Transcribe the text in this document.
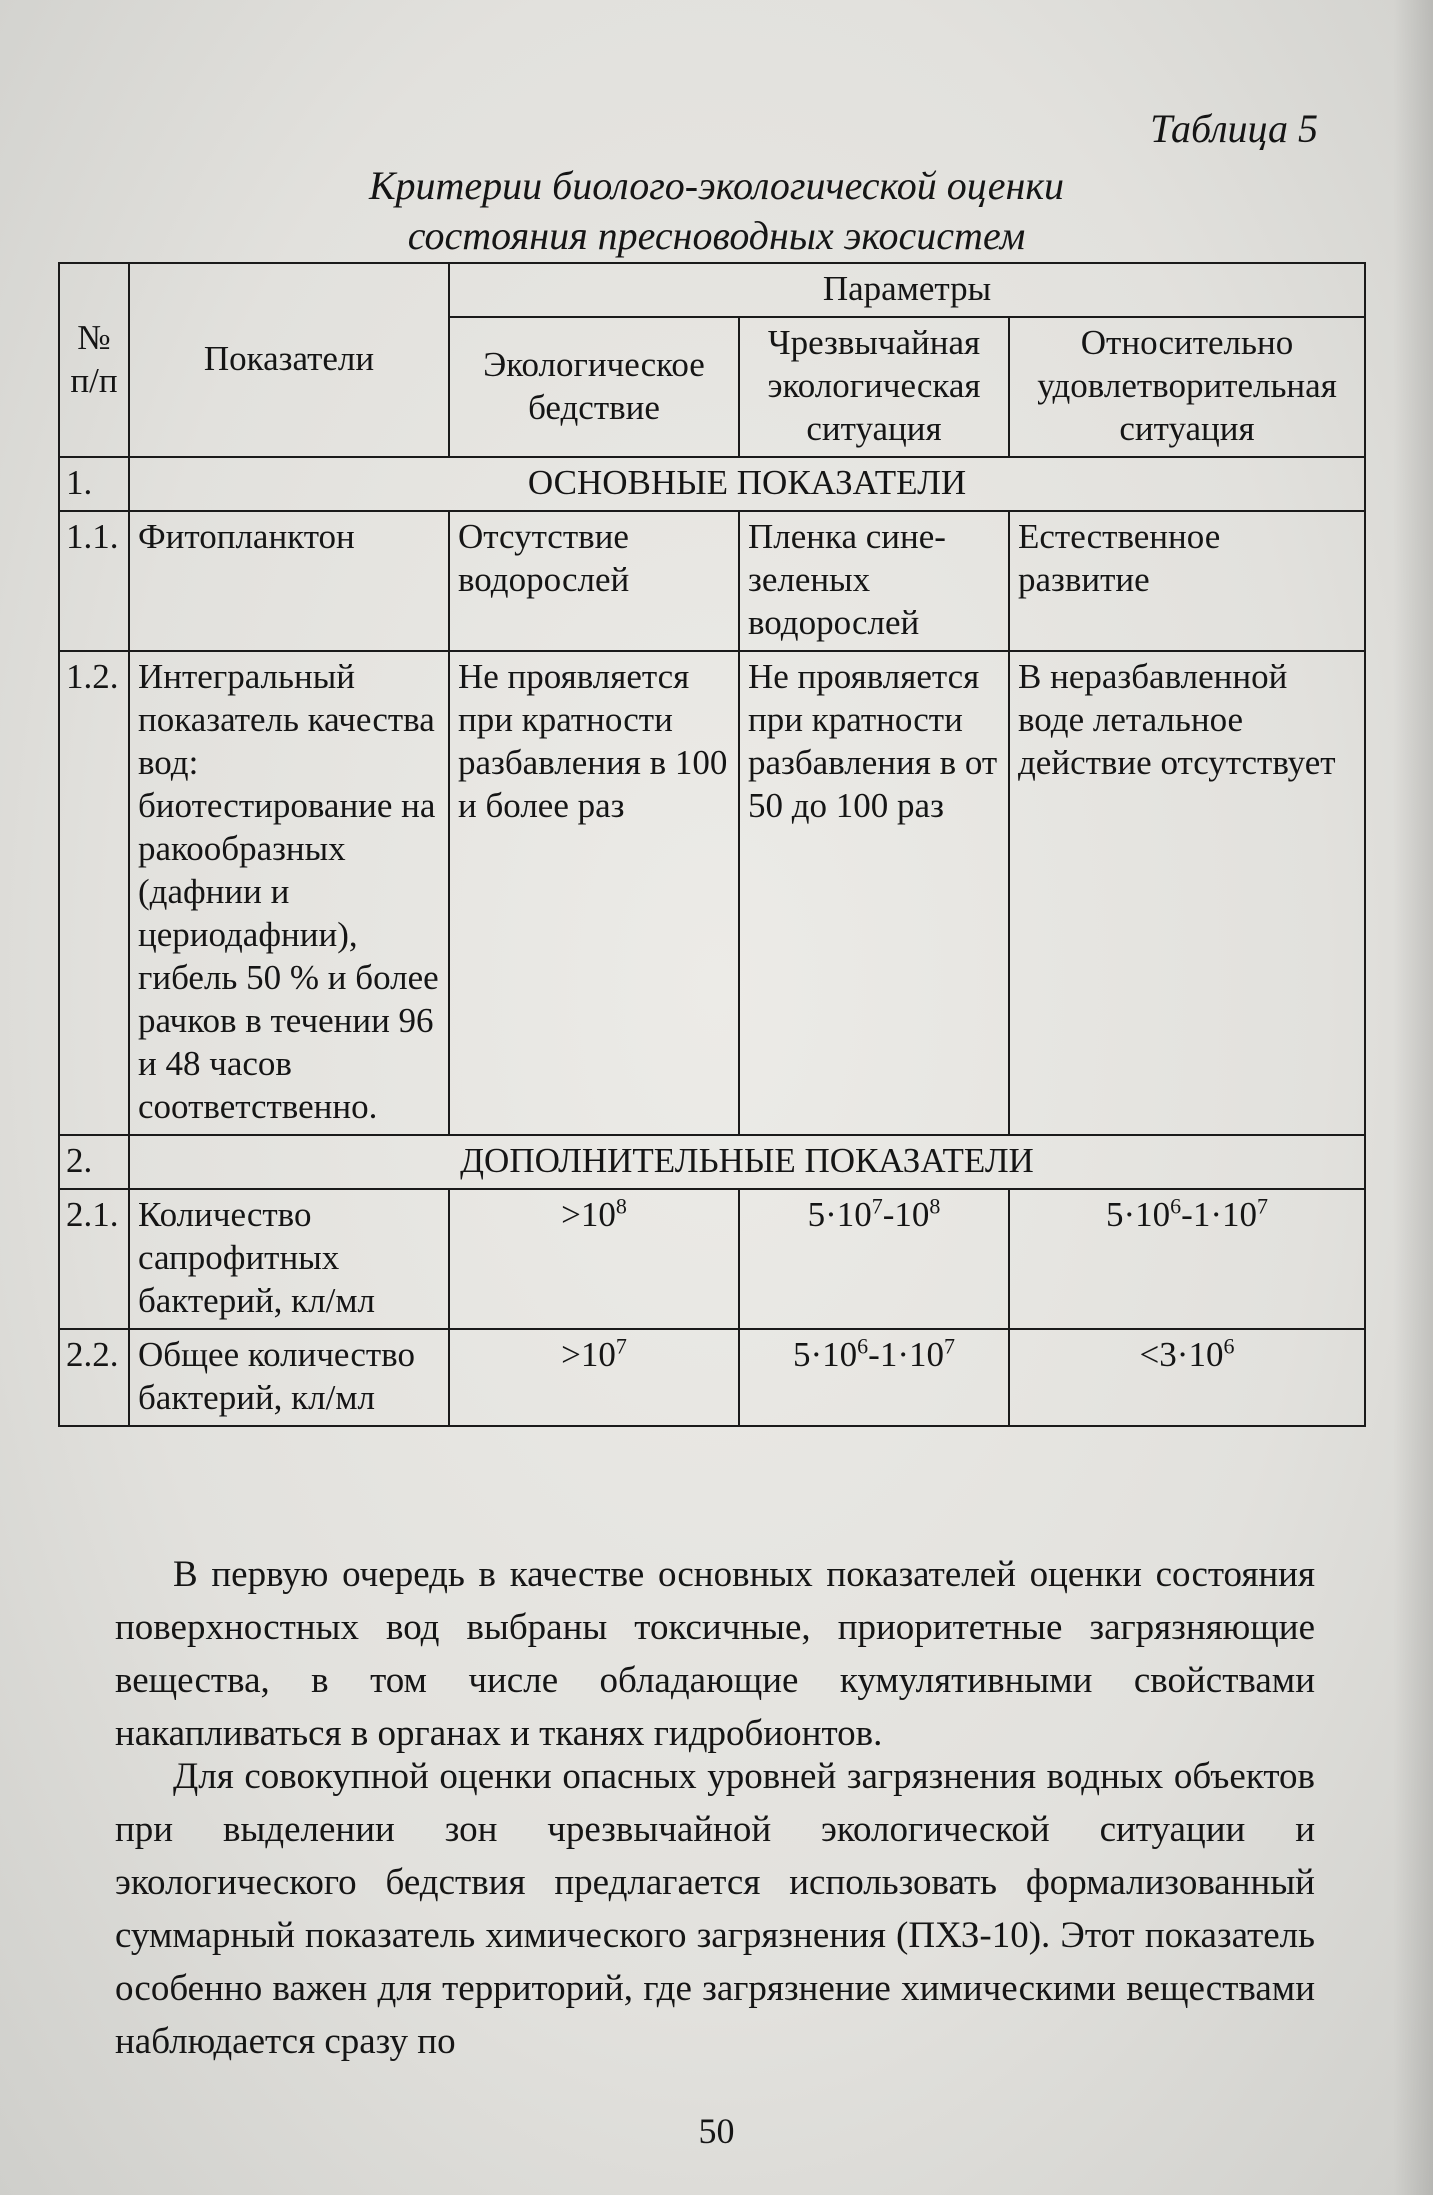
Таблица 5
Критерии биолого-экологической оценки
состояния пресноводных экосистем
№ п/п	Показатели	Параметры		
		Экологическое бедствие	Чрезвычайная экологическая ситуация	Относительно удовлетворительная ситуация
1.	ОСНОВНЫЕ ПОКАЗАТЕЛИ			
1.1.	Фитопланктон	Отсутствие водорослей	Пленка сине-зеленых водорослей	Естественное развитие
1.2.	Интегральный показатель качества вод: биотестирование на ракообразных (дафнии и цериодафнии), гибель 50 % и более рачков в течении 96 и 48 часов соответственно.	Не проявляется при кратности разбавления в 100 и более раз	Не проявляется при кратности разбавления в от 50 до 100 раз	В неразбавленной воде летальное действие отсутствует
2.	ДОПОЛНИТЕЛЬНЫЕ ПОКАЗАТЕЛИ			
2.1.	Количество сапрофитных бактерий, кл/мл	$>10^8$	$5\cdot 10^7-10^8$	$5\cdot 10^6-1\cdot 10^7$
2.2.	Общее количество бактерий, кл/мл	$>10^7$	$5\cdot 10^6-1\cdot 10^7$	$<3\cdot 10^6$
В первую очередь в качестве основных показателей оценки состояния поверхностных вод выбраны токсичные, приоритетные загрязняющие вещества, в том числе обладающие кумулятивными свойствами накапливаться в органах и тканях гидробионтов.
Для совокупной оценки опасных уровней загрязнения водных объектов при выделении зон чрезвычайной экологической ситуации и экологического бедствия предлагается использовать формализованный суммарный показатель химического загрязнения (ПХЗ-10). Этот показатель особенно важен для территорий, где загрязнение химическими веществами наблюдается сразу по
50
